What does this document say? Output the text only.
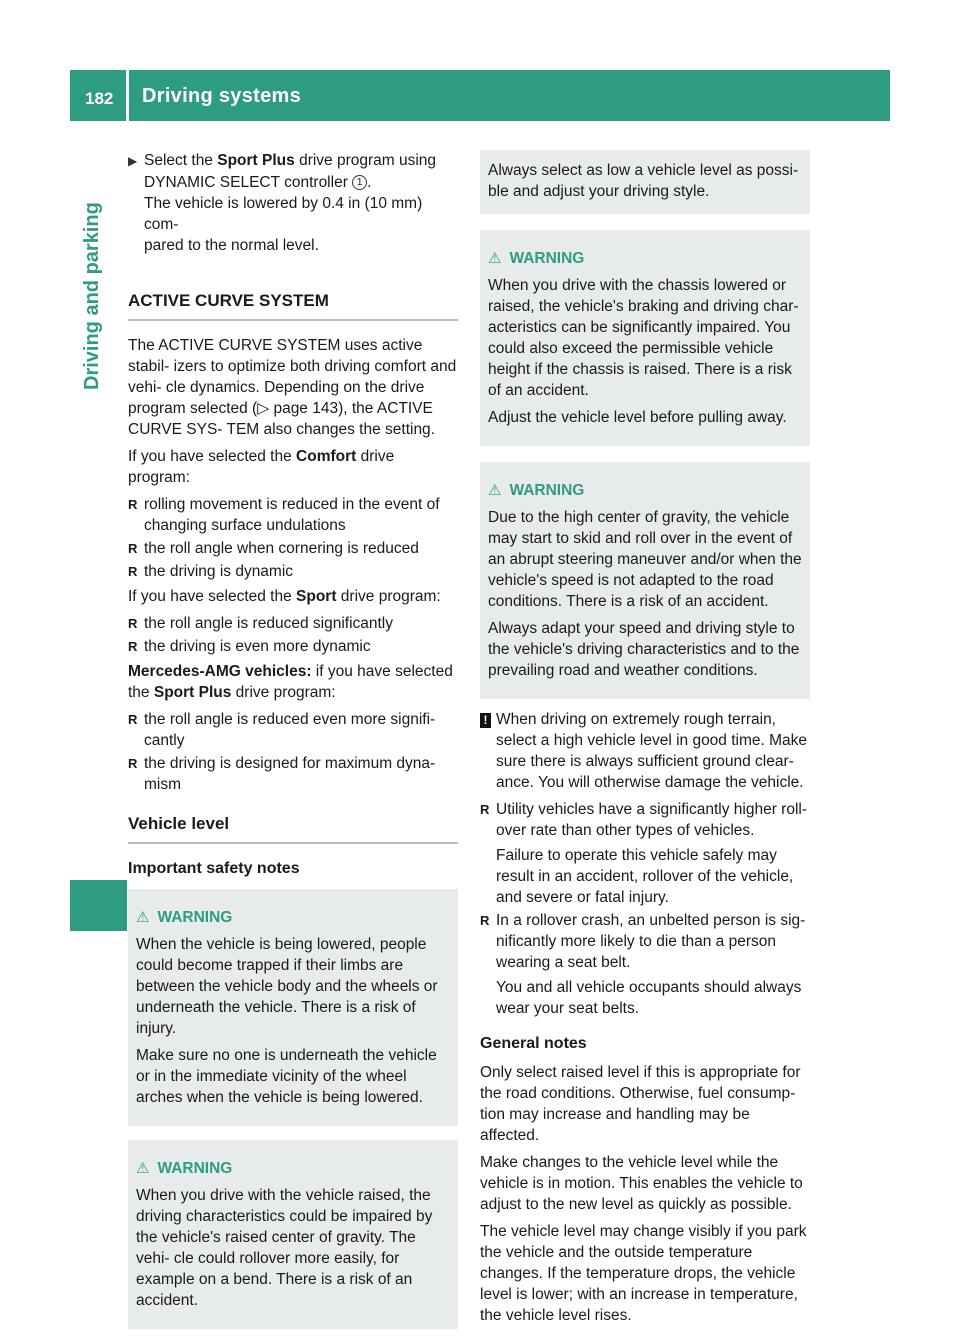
182 Driving systems
Driving and parking

▶ Select the Sport Plus drive program using
DYNAMIC SELECT controller 1 .
The vehicle is lowered by 0.4 in (10 mm) com-
pared to the normal level.

ACTIVE CURVE SYSTEM

The ACTIVE CURVE SYSTEM uses active stabil- izers to optimize both driving comfort and vehi- cle dynamics. Depending on the drive program selected (▷ page 143), the ACTIVE CURVE SYS- TEM also changes the setting.

If you have selected the Comfort drive program:

R rolling movement is reduced in the event of changing surface undulations
R the roll angle when cornering is reduced
R the driving is dynamic

If you have selected the Sport drive program:

R the roll angle is reduced significantly
R the driving is even more dynamic

Mercedes-AMG vehicles: if you have selected the Sport Plus drive program:

R the roll angle is reduced even more signifi- cantly
R the driving is designed for maximum dyna- mism
Vehicle level
Important safety notes
⚠ WARNING

When the vehicle is being lowered, people could become trapped if their limbs are between the vehicle body and the wheels or underneath the vehicle. There is a risk of injury.

Make sure no one is underneath the vehicle or in the immediate vicinity of the wheel arches when the vehicle is being lowered.

⚠ WARNING

When you drive with the vehicle raised, the driving characteristics could be impaired by the vehicle's raised center of gravity. The vehi- cle could rollover more easily, for example on a bend. There is a risk of an accident.

Always select as low a vehicle level as possi- ble and adjust your driving style.

⚠ WARNING

When you drive with the chassis lowered or raised, the vehicle's braking and driving char- acteristics can be significantly impaired. You could also exceed the permissible vehicle height if the chassis is raised. There is a risk of an accident.

Adjust the vehicle level before pulling away.

⚠ WARNING

Due to the high center of gravity, the vehicle may start to skid and roll over in the event of an abrupt steering maneuver and/or when the vehicle's speed is not adapted to the road conditions. There is a risk of an accident.

Always adapt your speed and driving style to the vehicle's driving characteristics and to the prevailing road and weather conditions.

! When driving on extremely rough terrain, select a high vehicle level in good time. Make sure there is always sufficient ground clear- ance. You will otherwise damage the vehicle.

R Utility vehicles have a significantly higher roll- over rate than other types of vehicles.

Failure to operate this vehicle safely may result in an accident, rollover of the vehicle, and severe or fatal injury.
R In a rollover crash, an unbelted person is sig- nificantly more likely to die than a person wearing a seat belt.

You and all vehicle occupants should always wear your seat belts.
General notes

Only select raised level if this is appropriate for the road conditions. Otherwise, fuel consump- tion may increase and handling may be affected.

Make changes to the vehicle level while the vehicle is in motion. This enables the vehicle to adjust to the new level as quickly as possible.

The vehicle level may change visibly if you park the vehicle and the outside temperature changes. If the temperature drops, the vehicle level is lower; with an increase in temperature, the vehicle level rises.
